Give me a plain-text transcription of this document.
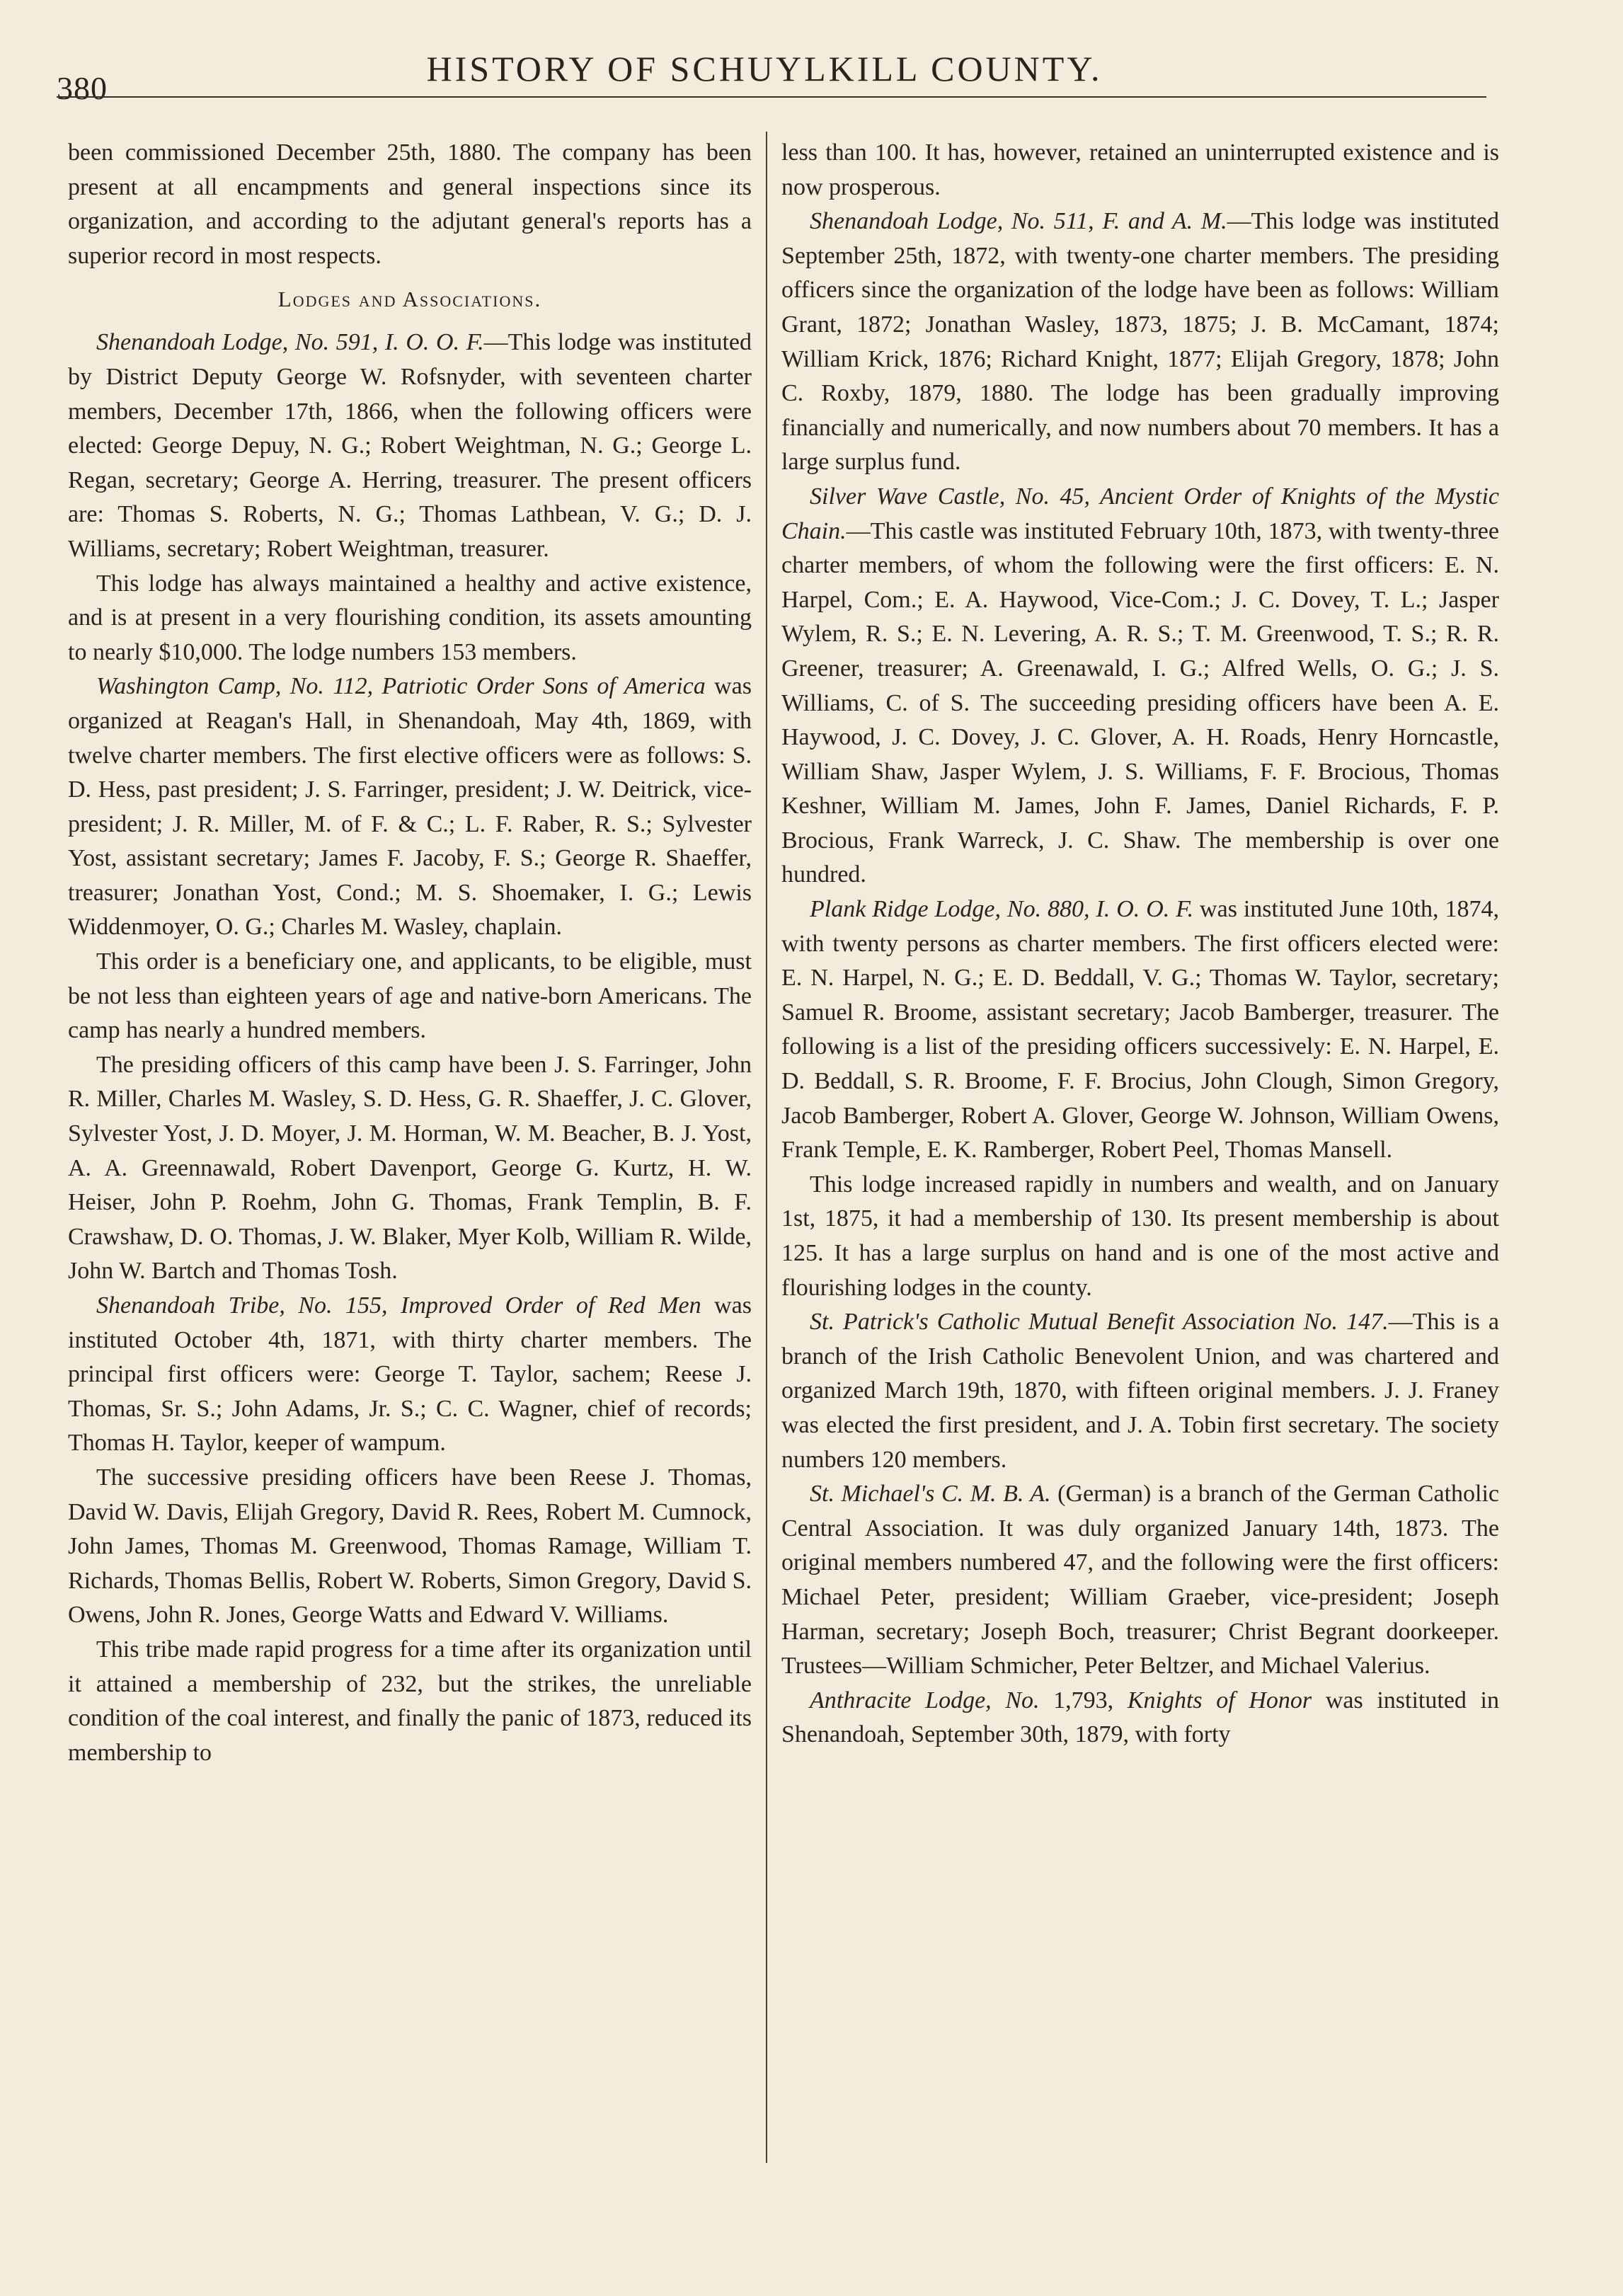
380	HISTORY OF SCHUYLKILL COUNTY.

been commissioned December 25th, 1880. The company has been present at all encampments and general inspections since its organization, and according to the adjutant general's reports has a superior record in most respects.

Lodges and Associations.

Shenandoah Lodge, No. 591, I. O. O. F.—This lodge was instituted by District Deputy George W. Rofsnyder, with seventeen charter members, December 17th, 1866, when the following officers were elected: George Depuy, N. G.; Robert Weightman, N. G.; George L. Regan, secretary; George A. Herring, treasurer. The present officers are: Thomas S. Roberts, N. G.; Thomas Lathbean, V. G.; D. J. Williams, secretary; Robert Weightman, treasurer.

This lodge has always maintained a healthy and active existence, and is at present in a very flourishing condition, its assets amounting to nearly $10,000. The lodge numbers 153 members.

Washington Camp, No. 112, Patriotic Order Sons of America was organized at Reagan's Hall, in Shenandoah, May 4th, 1869, with twelve charter members. The first elective officers were as follows: S. D. Hess, past president; J. S. Farringer, president; J. W. Deitrick, vice-president; J. R. Miller, M. of F. & C.; L. F. Raber, R. S.; Sylvester Yost, assistant secretary; James F. Jacoby, F. S.; George R. Shaeffer, treasurer; Jonathan Yost, Cond.; M. S. Shoemaker, I. G.; Lewis Widdenmoyer, O. G.; Charles M. Wasley, chaplain.

This order is a beneficiary one, and applicants, to be eligible, must be not less than eighteen years of age and native-born Americans. The camp has nearly a hundred members.

The presiding officers of this camp have been J. S. Farringer, John R. Miller, Charles M. Wasley, S. D. Hess, G. R. Shaeffer, J. C. Glover, Sylvester Yost, J. D. Moyer, J. M. Horman, W. M. Beacher, B. J. Yost, A. A. Greennawald, Robert Davenport, George G. Kurtz, H. W. Heiser, John P. Roehm, John G. Thomas, Frank Templin, B. F. Crawshaw, D. O. Thomas, J. W. Blaker, Myer Kolb, William R. Wilde, John W. Bartch and Thomas Tosh.

Shenandoah Tribe, No. 155, Improved Order of Red Men was instituted October 4th, 1871, with thirty charter members. The principal first officers were: George T. Taylor, sachem; Reese J. Thomas, Sr. S.; John Adams, Jr. S.; C. C. Wagner, chief of records; Thomas H. Taylor, keeper of wampum.

The successive presiding officers have been Reese J. Thomas, David W. Davis, Elijah Gregory, David R. Rees, Robert M. Cumnock, John James, Thomas M. Greenwood, Thomas Ramage, William T. Richards, Thomas Bellis, Robert W. Roberts, Simon Gregory, David S. Owens, John R. Jones, George Watts and Edward V. Williams.

This tribe made rapid progress for a time after its organization until it attained a membership of 232, but the strikes, the unreliable condition of the coal interest, and finally the panic of 1873, reduced its membership to

less than 100. It has, however, retained an uninterrupted existence and is now prosperous.

Shenandoah Lodge, No. 511, F. and A. M.—This lodge was instituted September 25th, 1872, with twenty-one charter members. The presiding officers since the organization of the lodge have been as follows: William Grant, 1872; Jonathan Wasley, 1873, 1875; J. B. McCamant, 1874; William Krick, 1876; Richard Knight, 1877; Elijah Gregory, 1878; John C. Roxby, 1879, 1880. The lodge has been gradually improving financially and numerically, and now numbers about 70 members. It has a large surplus fund.

Silver Wave Castle, No. 45, Ancient Order of Knights of the Mystic Chain.—This castle was instituted February 10th, 1873, with twenty-three charter members, of whom the following were the first officers: E. N. Harpel, Com.; E. A. Haywood, Vice-Com.; J. C. Dovey, T. L.; Jasper Wylem, R. S.; E. N. Levering, A. R. S.; T. M. Greenwood, T. S.; R. R. Greener, treasurer; A. Greenawald, I. G.; Alfred Wells, O. G.; J. S. Williams, C. of S. The succeeding presiding officers have been A. E. Haywood, J. C. Dovey, J. C. Glover, A. H. Roads, Henry Horncastle, William Shaw, Jasper Wylem, J. S. Williams, F. F. Brocious, Thomas Keshner, William M. James, John F. James, Daniel Richards, F. P. Brocious, Frank Warreck, J. C. Shaw. The membership is over one hundred.

Plank Ridge Lodge, No. 880, I. O. O. F. was instituted June 10th, 1874, with twenty persons as charter members. The first officers elected were: E. N. Harpel, N. G.; E. D. Beddall, V. G.; Thomas W. Taylor, secretary; Samuel R. Broome, assistant secretary; Jacob Bamberger, treasurer. The following is a list of the presiding officers successively: E. N. Harpel, E. D. Beddall, S. R. Broome, F. F. Brocius, John Clough, Simon Gregory, Jacob Bamberger, Robert A. Glover, George W. Johnson, William Owens, Frank Temple, E. K. Ramberger, Robert Peel, Thomas Mansell.

This lodge increased rapidly in numbers and wealth, and on January 1st, 1875, it had a membership of 130. Its present membership is about 125. It has a large surplus on hand and is one of the most active and flourishing lodges in the county.

St. Patrick's Catholic Mutual Benefit Association No. 147.—This is a branch of the Irish Catholic Benevolent Union, and was chartered and organized March 19th, 1870, with fifteen original members. J. J. Franey was elected the first president, and J. A. Tobin first secretary. The society numbers 120 members.

St. Michael's C. M. B. A. (German) is a branch of the German Catholic Central Association. It was duly organized January 14th, 1873. The original members numbered 47, and the following were the first officers: Michael Peter, president; William Graeber, vice-president; Joseph Harman, secretary; Joseph Boch, treasurer; Christ Begrant doorkeeper. Trustees—William Schmicher, Peter Beltzer, and Michael Valerius.

Anthracite Lodge, No. 1,793, Knights of Honor was instituted in Shenandoah, September 30th, 1879, with forty
